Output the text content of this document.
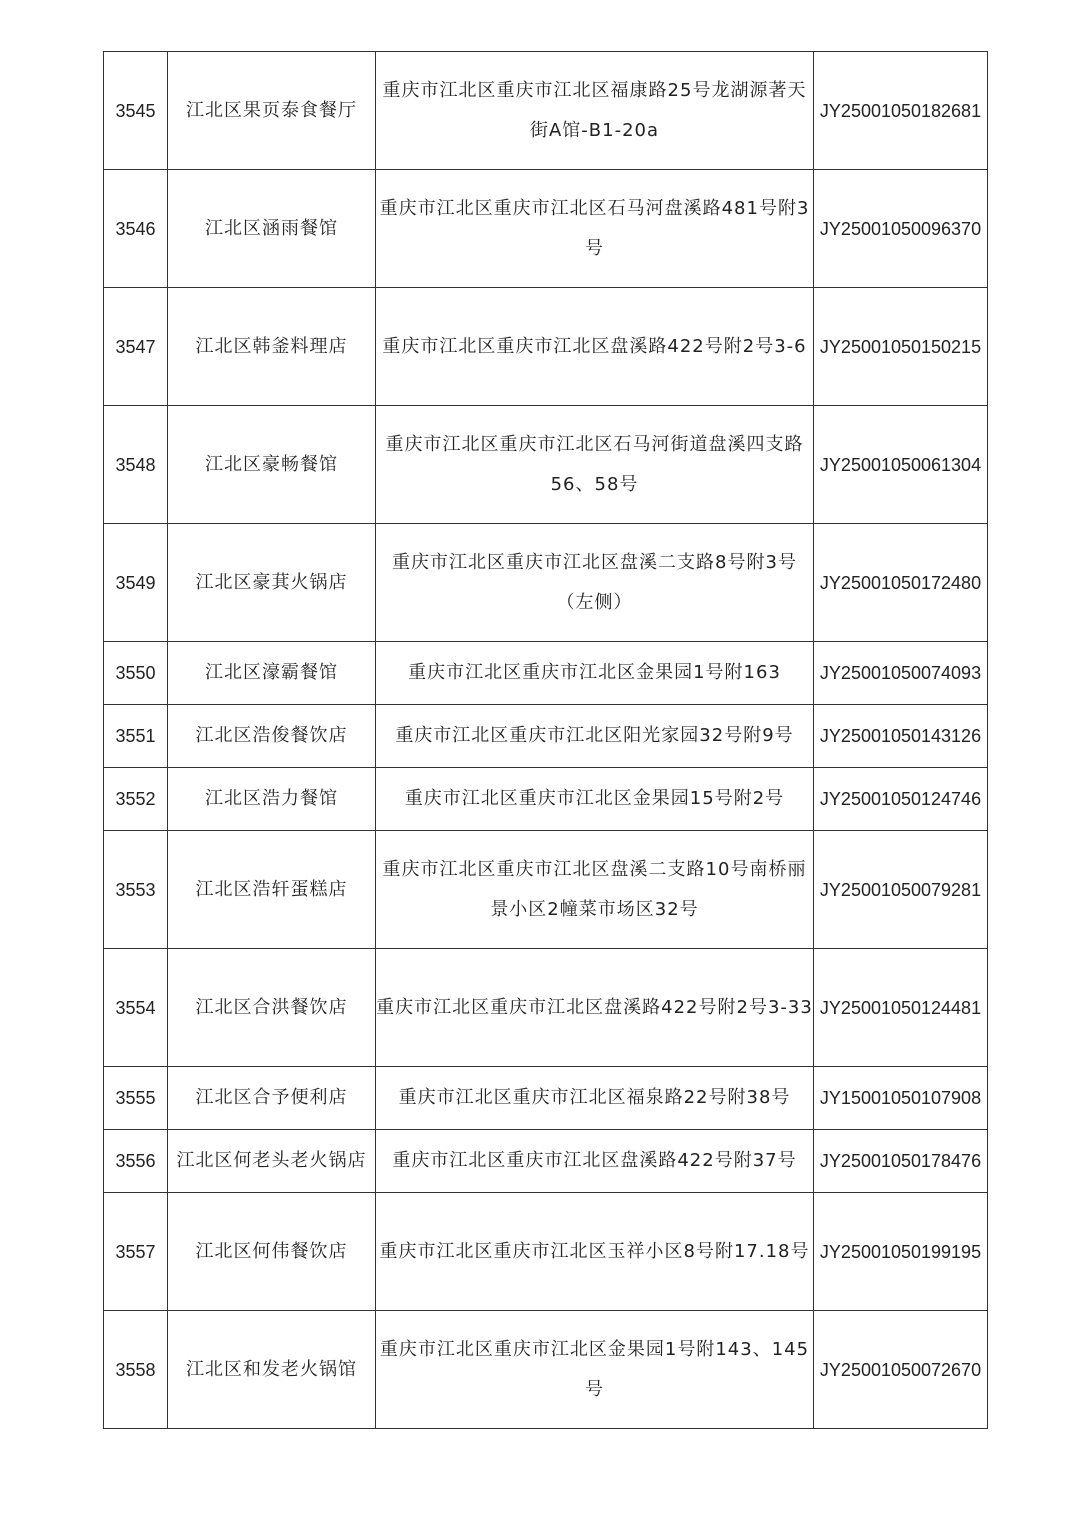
3545	江北区果页泰食餐厅	重庆市江北区重庆市江北区福康路25号龙湖源著天街A馆-B1-20a	JY25001050182681
3546	江北区涵雨餐馆	重庆市江北区重庆市江北区石马河盘溪路481号附3号	JY25001050096370
3547	江北区韩釜料理店	重庆市江北区重庆市江北区盘溪路422号附2号3-6	JY25001050150215
3548	江北区豪畅餐馆	重庆市江北区重庆市江北区石马河街道盘溪四支路56、58号	JY25001050061304
3549	江北区豪萁火锅店	重庆市江北区重庆市江北区盘溪二支路8号附3号（左侧）	JY25001050172480
3550	江北区濠霸餐馆	重庆市江北区重庆市江北区金果园1号附163	JY25001050074093
3551	江北区浩俊餐饮店	重庆市江北区重庆市江北区阳光家园32号附9号	JY25001050143126
3552	江北区浩力餐馆	重庆市江北区重庆市江北区金果园15号附2号	JY25001050124746
3553	江北区浩轩蛋糕店	重庆市江北区重庆市江北区盘溪二支路10号南桥丽景小区2幢菜市场区32号	JY25001050079281
3554	江北区合洪餐饮店	重庆市江北区重庆市江北区盘溪路422号附2号3-33	JY25001050124481
3555	江北区合予便利店	重庆市江北区重庆市江北区福泉路22号附38号	JY15001050107908
3556	江北区何老头老火锅店	重庆市江北区重庆市江北区盘溪路422号附37号	JY25001050178476
3557	江北区何伟餐饮店	重庆市江北区重庆市江北区玉祥小区8号附17.18号	JY25001050199195
3558	江北区和发老火锅馆	重庆市江北区重庆市江北区金果园1号附143、145号	JY25001050072670
